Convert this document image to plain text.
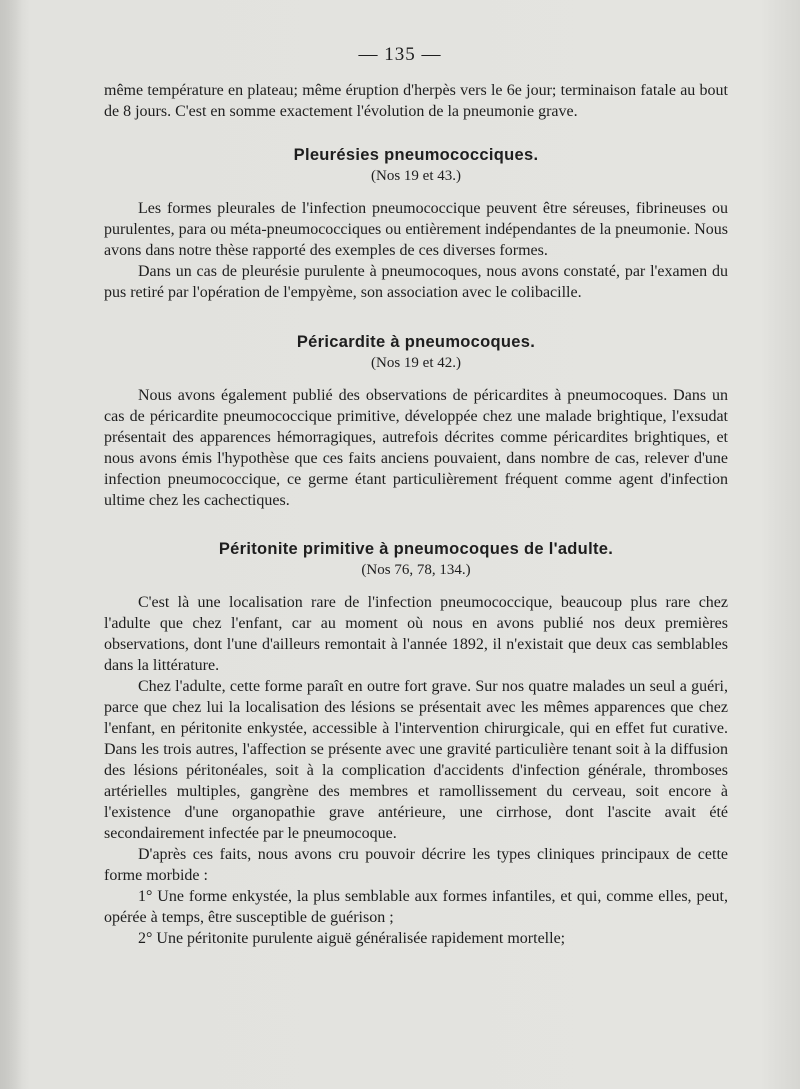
— 135 —

même température en plateau; même éruption d'herpès vers le 6e jour; terminaison fatale au bout de 8 jours. C'est en somme exactement l'évolution de la pneumonie grave.

Pleurésies pneumococciques.
(Nos 19 et 43.)

Les formes pleurales de l'infection pneumococcique peuvent être séreuses, fibrineuses ou purulentes, para ou méta-pneumococciques ou entièrement indépendantes de la pneumonie. Nous avons dans notre thèse rapporté des exemples de ces diverses formes.

Dans un cas de pleurésie purulente à pneumocoques, nous avons constaté, par l'examen du pus retiré par l'opération de l'empyème, son association avec le colibacille.

Péricardite à pneumocoques.
(Nos 19 et 42.)

Nous avons également publié des observations de péricardites à pneumocoques. Dans un cas de péricardite pneumococcique primitive, développée chez une malade brightique, l'exsudat présentait des apparences hémorragiques, autrefois décrites comme péricardites brightiques, et nous avons émis l'hypothèse que ces faits anciens pouvaient, dans nombre de cas, relever d'une infection pneumococcique, ce germe étant particulièrement fréquent comme agent d'infection ultime chez les cachectiques.

Péritonite primitive à pneumocoques de l'adulte.
(Nos 76, 78, 134.)

C'est là une localisation rare de l'infection pneumococcique, beaucoup plus rare chez l'adulte que chez l'enfant, car au moment où nous en avons publié nos deux premières observations, dont l'une d'ailleurs remontait à l'année 1892, il n'existait que deux cas semblables dans la littérature.

Chez l'adulte, cette forme paraît en outre fort grave. Sur nos quatre malades un seul a guéri, parce que chez lui la localisation des lésions se présentait avec les mêmes apparences que chez l'enfant, en péritonite enkystée, accessible à l'intervention chirurgicale, qui en effet fut curative. Dans les trois autres, l'affection se présente avec une gravité particulière tenant soit à la diffusion des lésions péritonéales, soit à la complication d'accidents d'infection générale, thromboses artérielles multiples, gangrène des membres et ramollissement du cerveau, soit encore à l'existence d'une organopathie grave antérieure, une cirrhose, dont l'ascite avait été secondairement infectée par le pneumocoque.

D'après ces faits, nous avons cru pouvoir décrire les types cliniques principaux de cette forme morbide :

1° Une forme enkystée, la plus semblable aux formes infantiles, et qui, comme elles, peut, opérée à temps, être susceptible de guérison ;

2° Une péritonite purulente aiguë généralisée rapidement mortelle;
